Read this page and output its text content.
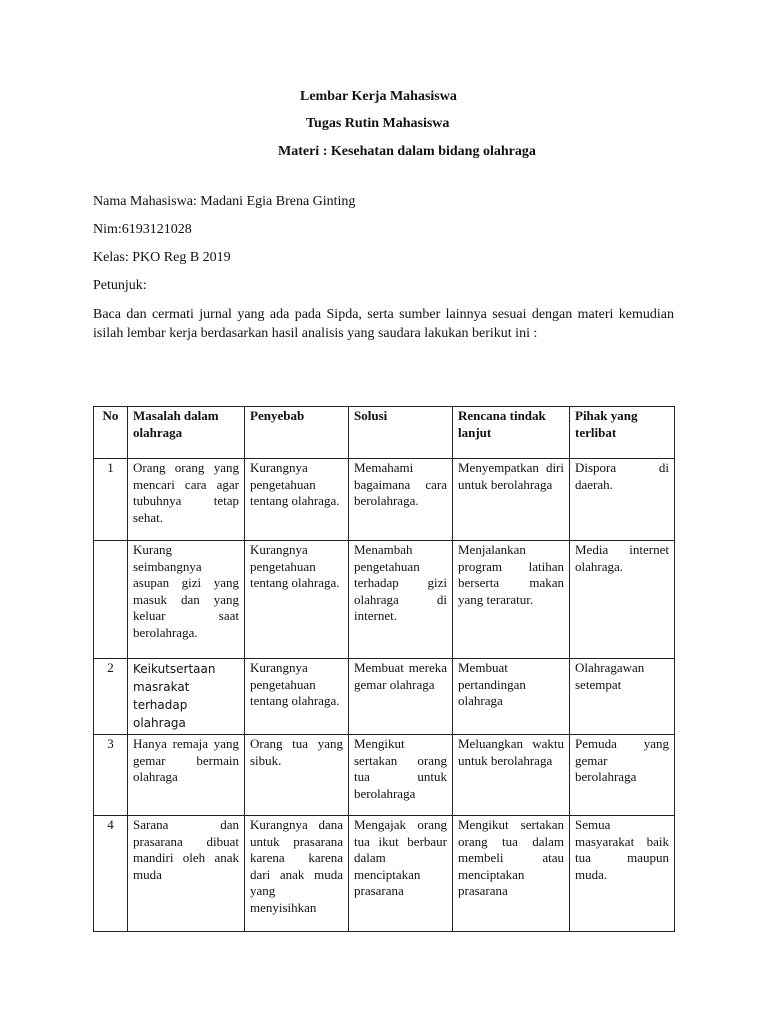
Lembar Kerja Mahasiswa
Tugas Rutin Mahasiswa
Materi : Kesehatan dalam bidang olahraga
Nama Mahasiswa: Madani Egia Brena Ginting
Nim:6193121028
Kelas: PKO Reg B 2019
Petunjuk:
Baca dan cermati jurnal yang ada pada Sipda, serta sumber lainnya sesuai dengan materi kemudian isilah lembar kerja berdasarkan hasil analisis yang saudara lakukan berikut ini :
No	Masalah dalam olahraga	Penyebab	Solusi	Rencana tindak lanjut	Pihak yang terlibat
1	Orang orang yang mencari cara agar tubuhnya tetap sehat.	Kurangnya pengetahuan tentang olahraga.	Memahami bagaimana cara berolahraga.	Menyempatkan diri untuk berolahraga	Dispora di daerah.
	Kurang seimbangnya asupan gizi yang masuk dan yang keluar saat berolahraga.	Kurangnya pengetahuan tentang olahraga.	Menambah pengetahuan terhadap gizi olahraga di internet.	Menjalankan program latihan berserta makan yang teraratur.	Media internet olahraga.
2	Keikutsertaan masrakat terhadap olahraga	Kurangnya pengetahuan tentang olahraga.	Membuat mereka gemar olahraga	Membuat pertandingan olahraga	Olahragawan setempat
3	Hanya remaja yang gemar bermain olahraga	Orang tua yang sibuk.	Mengikut sertakan orang tua untuk berolahraga	Meluangkan waktu untuk berolahraga	Pemuda yang gemar berolahraga
4	Sarana dan prasarana dibuat mandiri oleh anak muda	Kurangnya dana untuk prasarana karena karena dari anak muda yang menyisihkan	Mengajak orang tua ikut berbaur dalam menciptakan prasarana	Mengikut sertakan orang tua dalam membeli atau menciptakan prasarana	Semua masyarakat baik tua maupun muda.
